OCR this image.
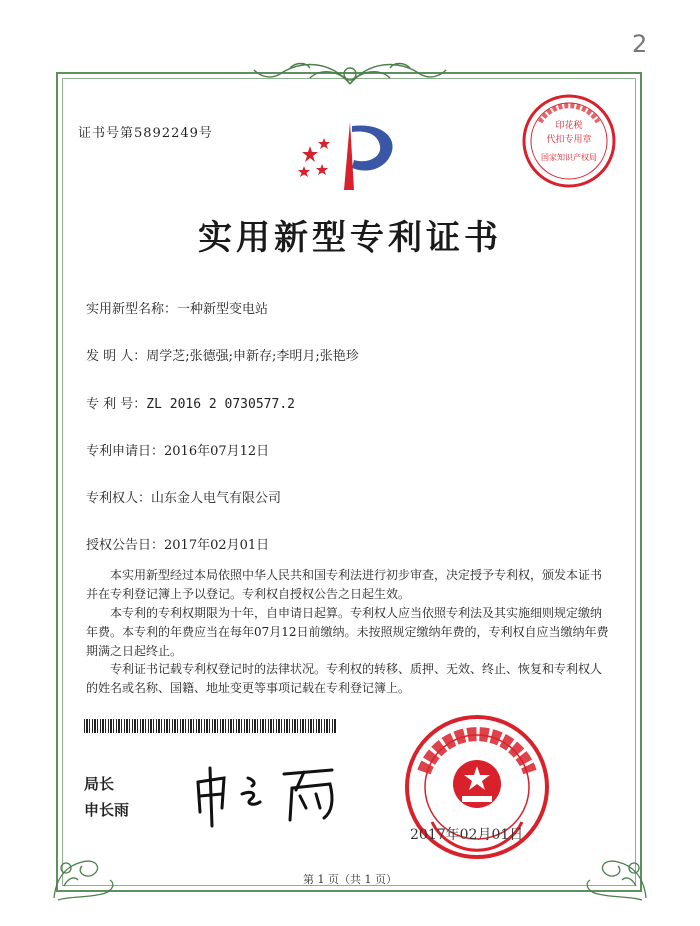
2
证书号第5892249号	印花税
代扣专用章
国家知识产权局
实用新型专利证书
实用新型名称：一种新型变电站
发 明 人：周学芝;张德强;申新存;李明月;张艳珍
专 利 号：ZL 2016 2 0730577.2
专利申请日：2016年07月12日
专利权人：山东金人电气有限公司
授权公告日：2017年02月01日

本实用新型经过本局依照中华人民共和国专利法进行初步审查，决定授予专利权，颁发本证书并在专利登记簿上予以登记。专利权自授权公告之日起生效。

本专利的专利权期限为十年，自申请日起算。专利权人应当依照专利法及其实施细则规定缴纳年费。本专利的年费应当在每年07月12日前缴纳。未按照规定缴纳年费的，专利权自应当缴纳年费期满之日起终止。

专利证书记载专利权登记时的法律状况。专利权的转移、质押、无效、终止、恢复和专利权人的姓名或名称、国籍、地址变更等事项记载在专利登记簿上。

局长
申长雨
2017年02月01日
第 1 页（共 1 页）
